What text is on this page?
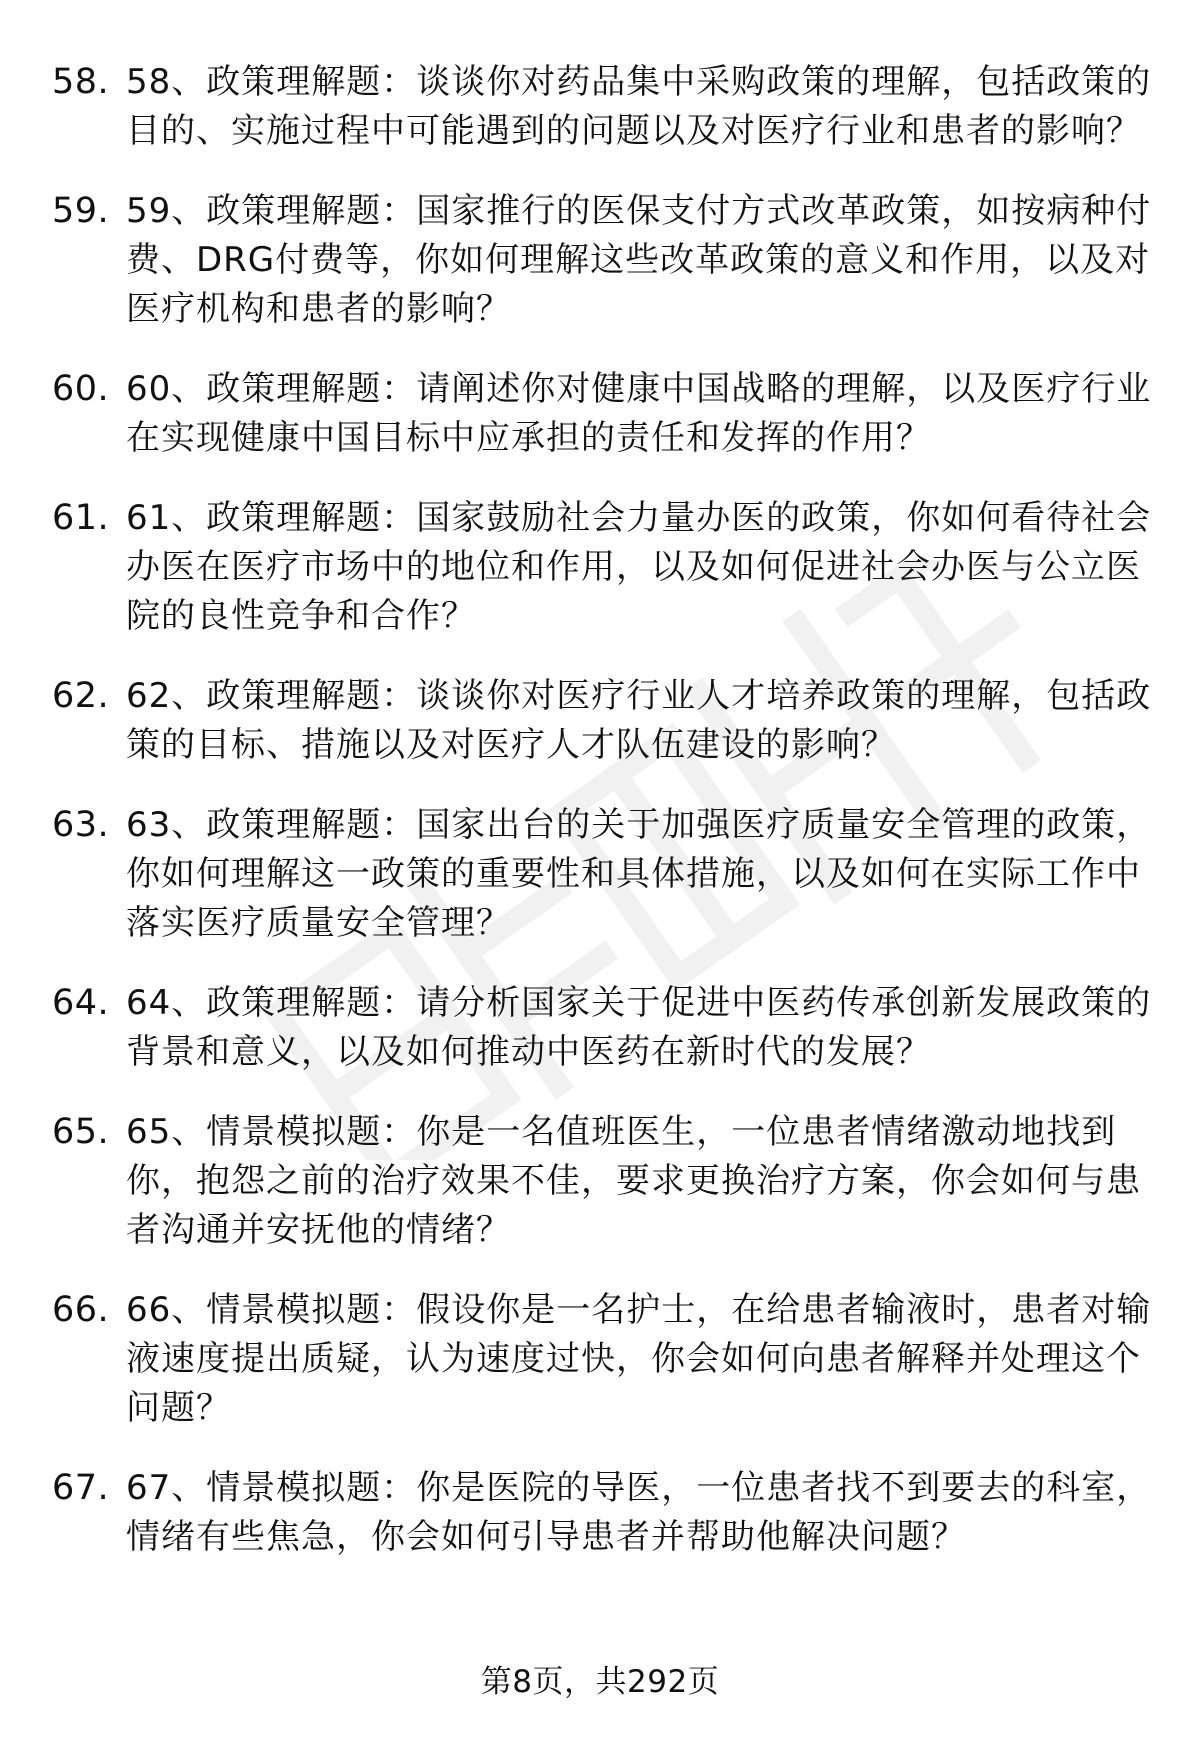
58. 58、政策理解题：谈谈你对药品集中采购政策的理解，包括政策的目的、实施过程中可能遇到的问题以及对医疗行业和患者的影响？
59. 59、政策理解题：国家推行的医保支付方式改革政策，如按病种付费、DRG付费等，你如何理解这些改革政策的意义和作用，以及对医疗机构和患者的影响？
60. 60、政策理解题：请阐述你对健康中国战略的理解，以及医疗行业在实现健康中国目标中应承担的责任和发挥的作用？
61. 61、政策理解题：国家鼓励社会力量办医的政策，你如何看待社会办医在医疗市场中的地位和作用，以及如何促进社会办医与公立医院的良性竞争和合作？
62. 62、政策理解题：谈谈你对医疗行业人才培养政策的理解，包括政策的目标、措施以及对医疗人才队伍建设的影响？
63. 63、政策理解题：国家出台的关于加强医疗质量安全管理的政策，你如何理解这一政策的重要性和具体措施，以及如何在实际工作中落实医疗质量安全管理？
64. 64、政策理解题：请分析国家关于促进中医药传承创新发展政策的背景和意义，以及如何推动中医药在新时代的发展？
65. 65、情景模拟题：你是一名值班医生，一位患者情绪激动地找到你，抱怨之前的治疗效果不佳，要求更换治疗方案，你会如何与患者沟通并安抚他的情绪？
66. 66、情景模拟题：假设你是一名护士，在给患者输液时，患者对输液速度提出质疑，认为速度过快，你会如何向患者解释并处理这个问题？
67. 67、情景模拟题：你是医院的导医，一位患者找不到要去的科室，情绪有些焦急，你会如何引导患者并帮助他解决问题？
第8页，共292页
